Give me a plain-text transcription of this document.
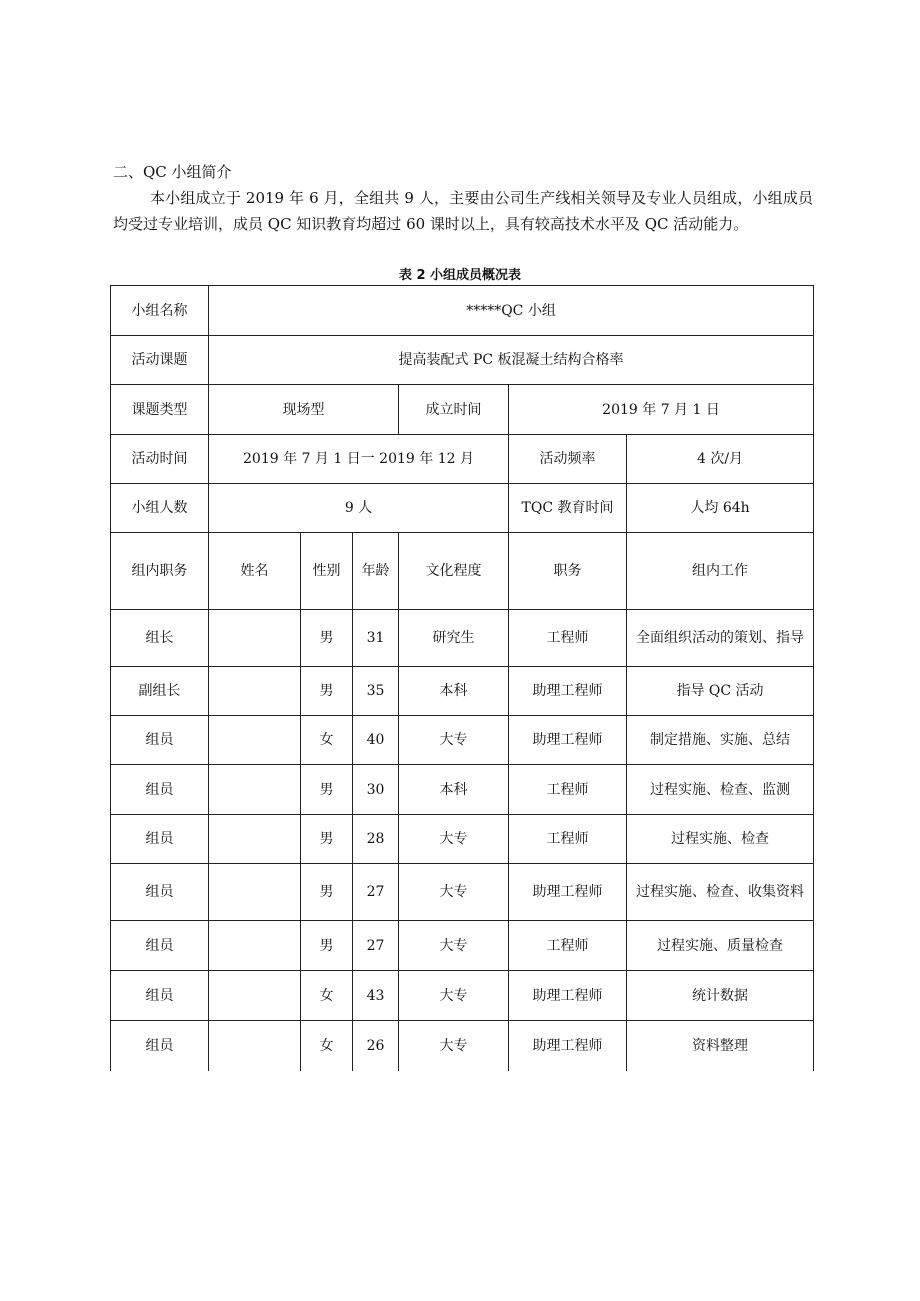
二、QC 小组简介
本小组成立于 2019 年 6 月，全组共 9 人，主要由公司生产线相关领导及专业人员组成，小组成员均受过专业培训，成员 QC 知识教育均超过 60 课时以上，具有较高技术水平及 QC 活动能力。
表 2 小组成员概况表
小组名称	*****QC 小组					
活动课题	提高装配式 PC 板混凝土结构合格率					
课题类型	现场型			成立时间	2019 年 7 月 1 日	
活动时间	2019 年 7 月 1 日一 2019 年 12 月				活动频率	4 次/月
小组人数	9 人				TQC 教育时间	人均 64h
组内职务	姓名	性别	年龄	文化程度	职务	组内工作
组长		男	31	研究生	工程师	全面组织活动的策划、指导
副组长		男	35	本科	助理工程师	指导 QC 活动
组员		女	40	大专	助理工程师	制定措施、实施、总结
组员		男	30	本科	工程师	过程实施、检查、监测
组员		男	28	大专	工程师	过程实施、检查
组员		男	27	大专	助理工程师	过程实施、检查、收集资料
组员		男	27	大专	工程师	过程实施、质量检查
组员		女	43	大专	助理工程师	统计数据
组员		女	26	大专	助理工程师	资料整理
